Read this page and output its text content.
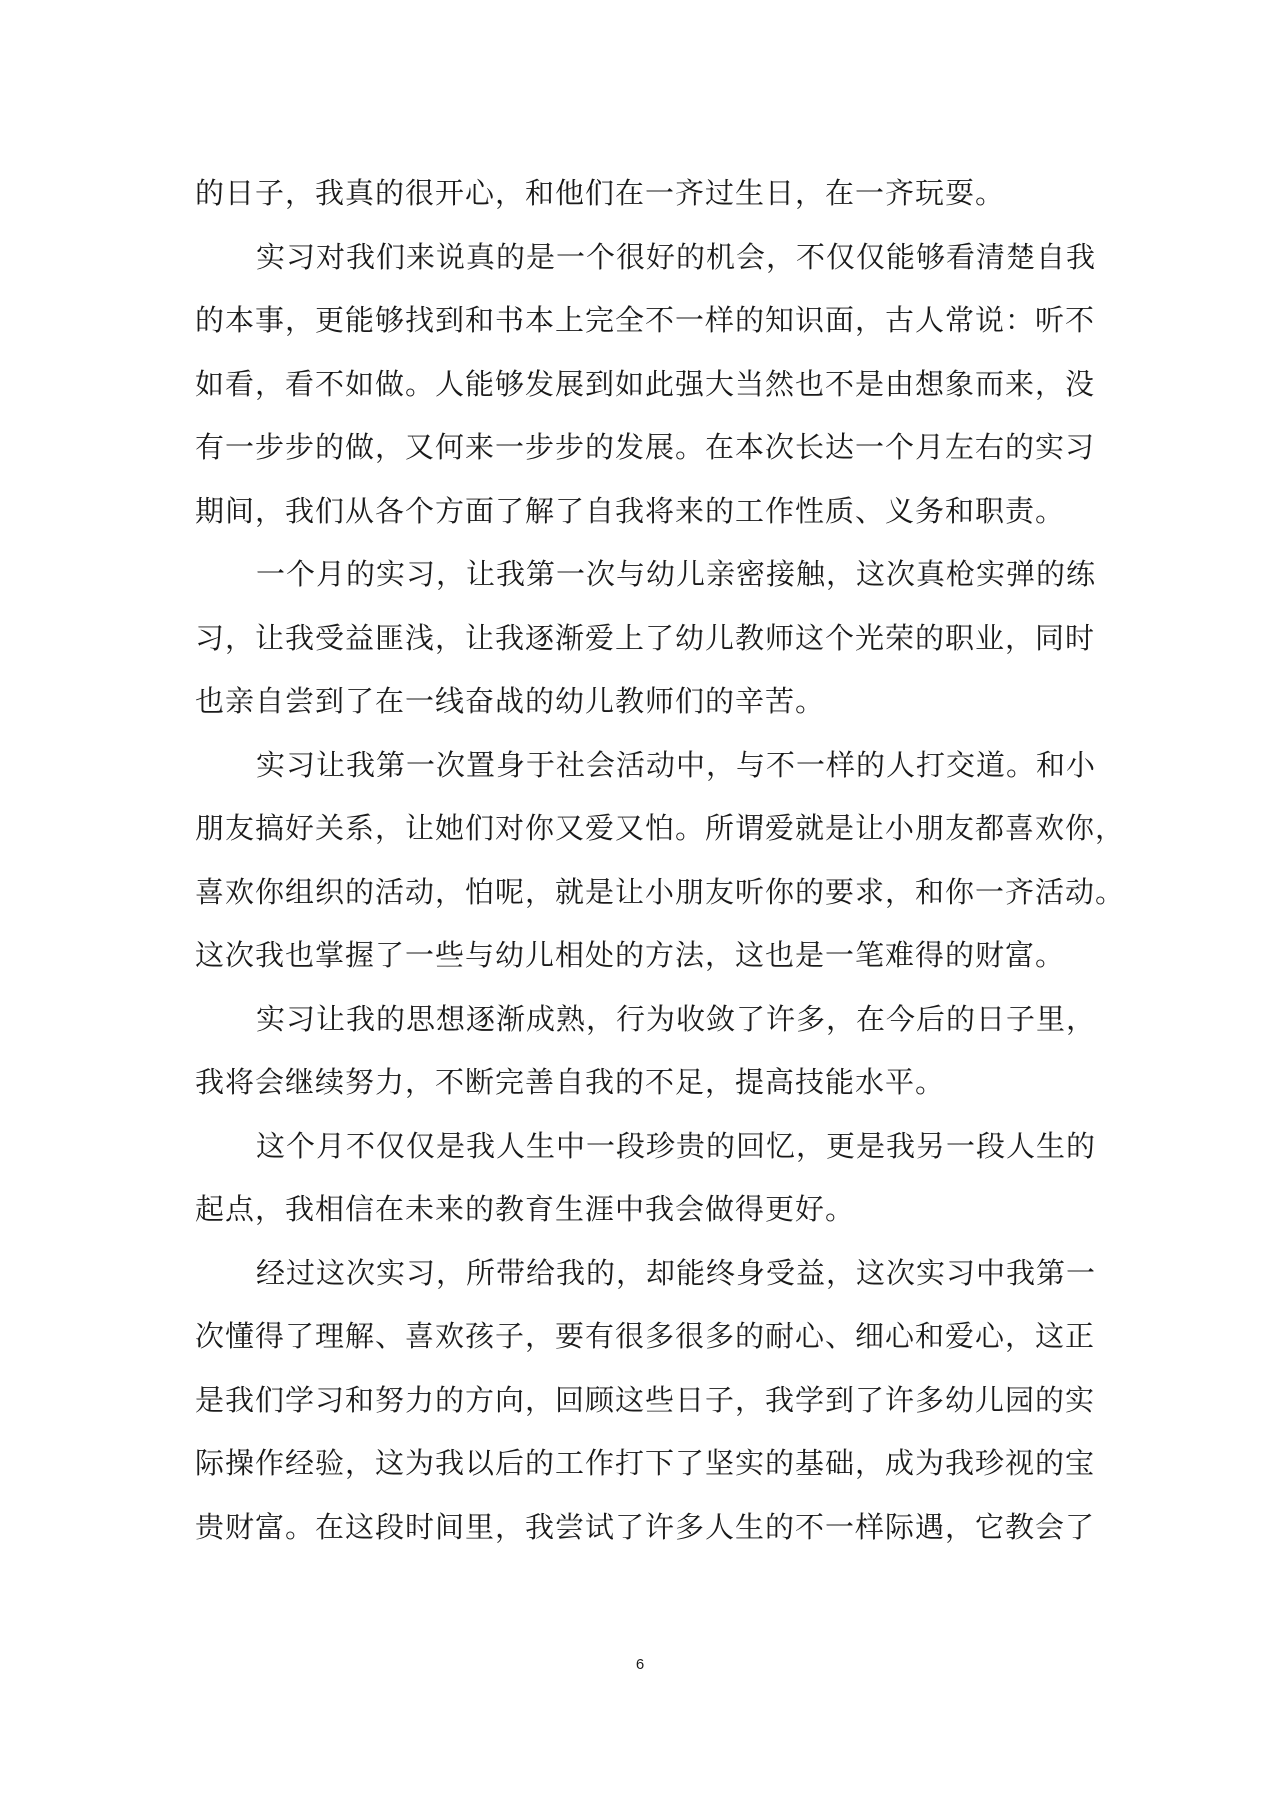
的日子，我真的很开心，和他们在一齐过生日，在一齐玩耍。
实习对我们来说真的是一个很好的机会，不仅仅能够看清楚自我
的本事，更能够找到和书本上完全不一样的知识面，古人常说：听不
如看，看不如做。人能够发展到如此强大当然也不是由想象而来，没
有一步步的做，又何来一步步的发展。在本次长达一个月左右的实习
期间，我们从各个方面了解了自我将来的工作性质、义务和职责。
一个月的实习，让我第一次与幼儿亲密接触，这次真枪实弹的练
习，让我受益匪浅，让我逐渐爱上了幼儿教师这个光荣的职业，同时
也亲自尝到了在一线奋战的幼儿教师们的辛苦。
实习让我第一次置身于社会活动中，与不一样的人打交道。和小
朋友搞好关系，让她们对你又爱又怕。所谓爱就是让小朋友都喜欢你，
喜欢你组织的活动，怕呢，就是让小朋友听你的要求，和你一齐活动。
这次我也掌握了一些与幼儿相处的方法，这也是一笔难得的财富。
实习让我的思想逐渐成熟，行为收敛了许多，在今后的日子里，
我将会继续努力，不断完善自我的不足，提高技能水平。
这个月不仅仅是我人生中一段珍贵的回忆，更是我另一段人生的
起点，我相信在未来的教育生涯中我会做得更好。
经过这次实习，所带给我的，却能终身受益，这次实习中我第一
次懂得了理解、喜欢孩子，要有很多很多的耐心、细心和爱心，这正
是我们学习和努力的方向，回顾这些日子，我学到了许多幼儿园的实
际操作经验，这为我以后的工作打下了坚实的基础，成为我珍视的宝
贵财富。在这段时间里，我尝试了许多人生的不一样际遇，它教会了
6
